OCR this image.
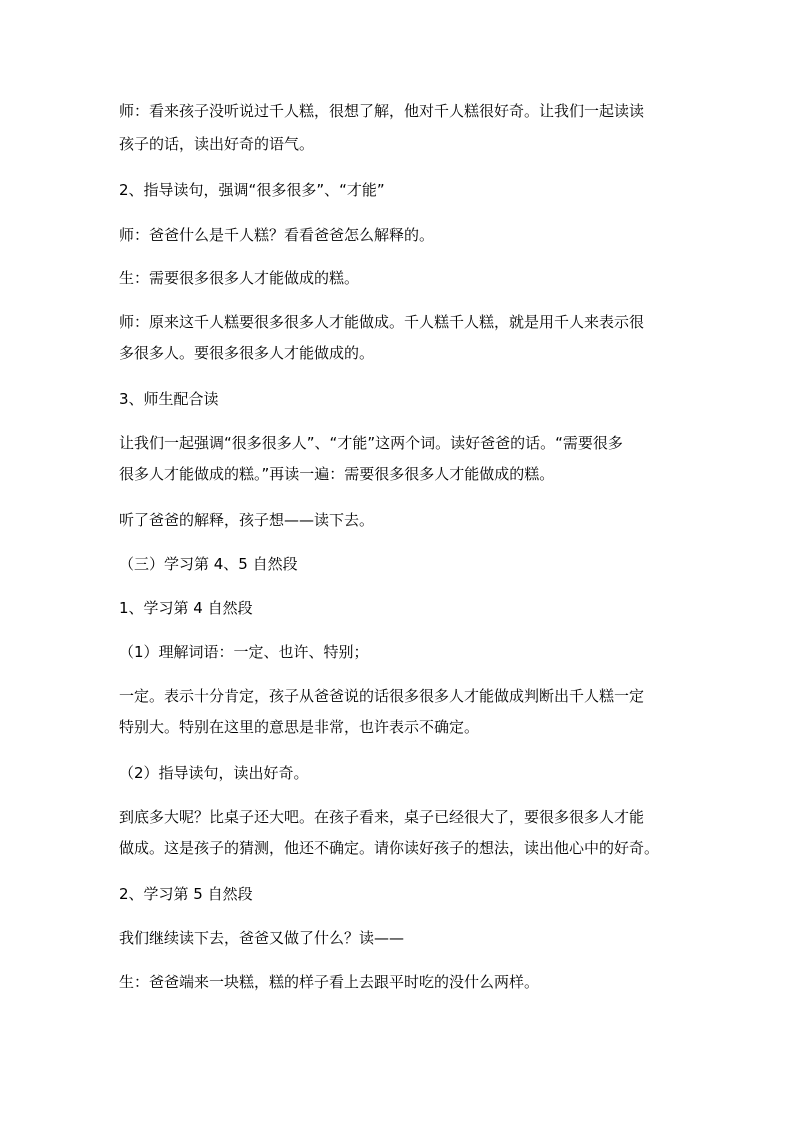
师：看来孩子没听说过千人糕，很想了解，他对千人糕很好奇。让我们一起读读
孩子的话，读出好奇的语气。
2、指导读句，强调“很多很多”、“才能”
师：爸爸什么是千人糕？看看爸爸怎么解释的。
生：需要很多很多人才能做成的糕。
师：原来这千人糕要很多很多人才能做成。千人糕千人糕，就是用千人来表示很
多很多人。要很多很多人才能做成的。
3、师生配合读
让我们一起强调“很多很多人”、“才能”这两个词。读好爸爸的话。“需要很多
很多人才能做成的糕。”再读一遍：需要很多很多人才能做成的糕。
听了爸爸的解释，孩子想——读下去。
（三）学习第 4、5 自然段
1、学习第 4 自然段
（1）理解词语：一定、也许、特别；
一定。表示十分肯定，孩子从爸爸说的话很多很多人才能做成判断出千人糕一定
特别大。特别在这里的意思是非常，也许表示不确定。
（2）指导读句，读出好奇。
到底多大呢？比桌子还大吧。在孩子看来，桌子已经很大了，要很多很多人才能
做成。这是孩子的猜测，他还不确定。请你读好孩子的想法，读出他心中的好奇。
2、学习第 5 自然段
我们继续读下去，爸爸又做了什么？读——
生：爸爸端来一块糕，糕的样子看上去跟平时吃的没什么两样。
